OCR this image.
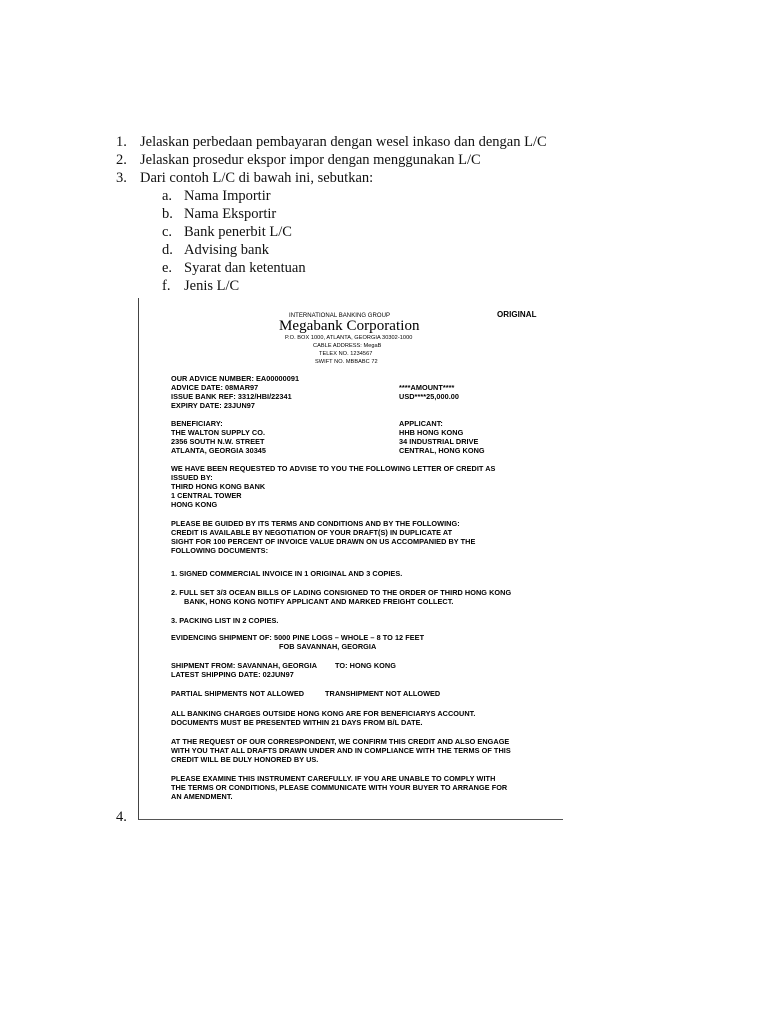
1. Jelaskan perbedaan pembayaran dengan wesel inkaso dan dengan L/C
2. Jelaskan prosedur ekspor impor dengan menggunakan L/C
3. Dari contoh L/C di bawah ini, sebutkan:
a. Nama Importir
b. Nama Eksportir
c. Bank penerbit L/C
d. Advising bank
e. Syarat dan ketentuan
f. Jenis L/C
4.
INTERNATIONAL BANKING GROUP	ORIGINAL
Megabank Corporation
P.O. BOX 1000, ATLANTA, GEORGIA 30302-1000
CABLE ADDRESS: MegaB
TELEX NO. 1234567
SWIFT NO. MBBABC 72
OUR ADVICE NUMBER: EA00000091
ADVICE DATE: 08MAR97
ISSUE BANK REF: 3312/HBI/22341
EXPIRY DATE: 23JUN97
****AMOUNT****
USD****25,000.00
BENEFICIARY:
THE WALTON SUPPLY CO.
2356 SOUTH N.W. STREET
ATLANTA, GEORGIA 30345
APPLICANT:
HHB HONG KONG
34 INDUSTRIAL DRIVE
CENTRAL, HONG KONG
WE HAVE BEEN REQUESTED TO ADVISE TO YOU THE FOLLOWING LETTER OF CREDIT AS
ISSUED BY:
THIRD HONG KONG BANK
1 CENTRAL TOWER
HONG KONG
PLEASE BE GUIDED BY ITS TERMS AND CONDITIONS AND BY THE FOLLOWING:
CREDIT IS AVAILABLE BY NEGOTIATION OF YOUR DRAFT(S) IN DUPLICATE AT
SIGHT FOR 100 PERCENT OF INVOICE VALUE DRAWN ON US ACCOMPANIED BY THE
FOLLOWING DOCUMENTS:
1. SIGNED COMMERCIAL INVOICE IN 1 ORIGINAL AND 3 COPIES.
2. FULL SET 3/3 OCEAN BILLS OF LADING CONSIGNED TO THE ORDER OF THIRD HONG KONG
BANK, HONG KONG NOTIFY APPLICANT AND MARKED FREIGHT COLLECT.
3. PACKING LIST IN 2 COPIES.
EVIDENCING SHIPMENT OF: 5000 PINE LOGS – WHOLE – 8 TO 12 FEET
FOB SAVANNAH, GEORGIA
SHIPMENT FROM: SAVANNAH, GEORGIA TO: HONG KONG
LATEST SHIPPING DATE: 02JUN97
PARTIAL SHIPMENTS NOT ALLOWED	TRANSHIPMENT NOT ALLOWED
ALL BANKING CHARGES OUTSIDE HONG KONG ARE FOR BENEFICIARYS ACCOUNT.
DOCUMENTS MUST BE PRESENTED WITHIN 21 DAYS FROM B/L DATE.
AT THE REQUEST OF OUR CORRESPONDENT, WE CONFIRM THIS CREDIT AND ALSO ENGAGE
WITH YOU THAT ALL DRAFTS DRAWN UNDER AND IN COMPLIANCE WITH THE TERMS OF THIS
CREDIT WILL BE DULY HONORED BY US.
PLEASE EXAMINE THIS INSTRUMENT CAREFULLY. IF YOU ARE UNABLE TO COMPLY WITH
THE TERMS OR CONDITIONS, PLEASE COMMUNICATE WITH YOUR BUYER TO ARRANGE FOR
AN AMENDMENT.
